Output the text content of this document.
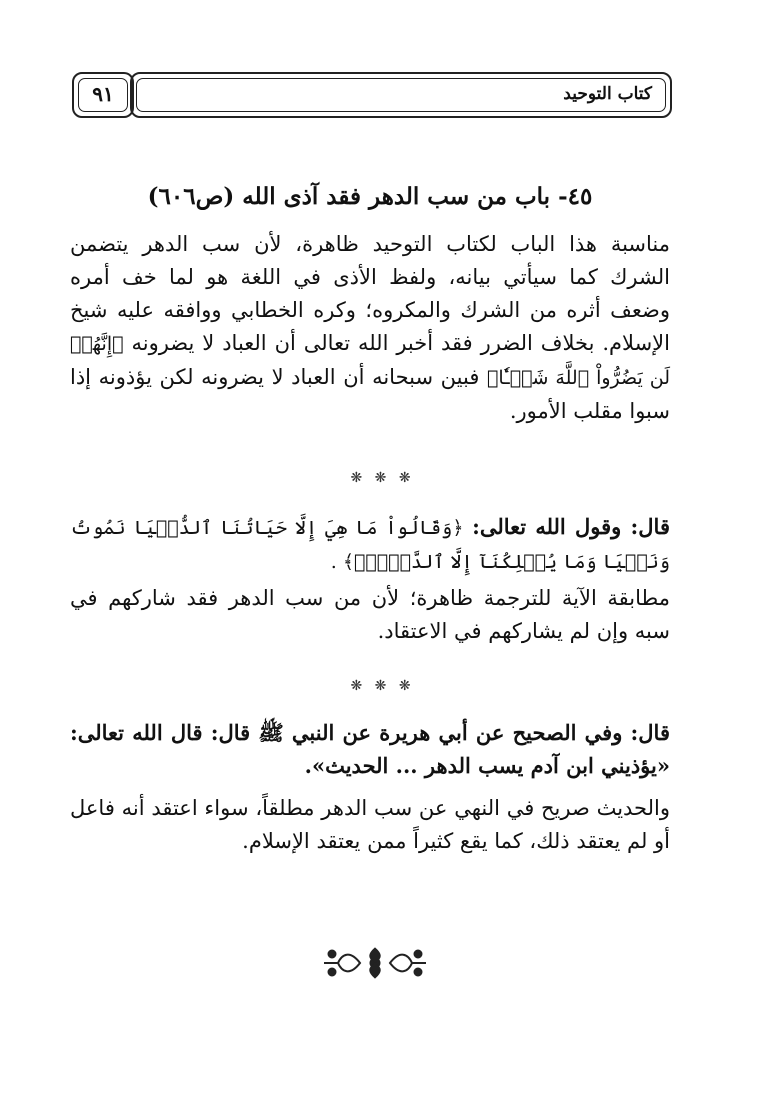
كتاب التوحيد
٩١
٤٥- باب من سب الدهر فقد آذى الله (ص٦٠٦)
مناسبة هذا الباب لكتاب التوحيد ظاهرة، لأن سب الدهر يتضمن الشرك كما سيأتي بيانه، ولفظ الأذى في اللغة هو لما خف أمره وضعف أثره من الشرك والمكروه؛ وكره الخطابي ووافقه عليه شيخ الإسلام. بخلاف الضرر فقد أخبر الله تعالى أن العباد لا يضرونه ﴿إِنَّهُمۡ لَن يَضُرُّواْ ٱللَّهَ شَيۡـٔٗا﴾ فبين سبحانه أن العباد لا يضرونه لكن يؤذونه إذا سبوا مقلب الأمور.
❋ ❋ ❋
قال: وقول الله تعالى: ﴿وَقَالُواْ مَا هِيَ إِلَّا حَيَاتُنَا ٱلدُّنۡيَا نَمُوتُ وَنَحۡيَا وَمَا يُهۡلِكُنَآ إِلَّا ٱلدَّهۡرُۚ﴾ .
مطابقة الآية للترجمة ظاهرة؛ لأن من سب الدهر فقد شاركهم في سبه وإن لم يشاركهم في الاعتقاد.
❋ ❋ ❋
قال: وفي الصحيح عن أبي هريرة عن النبي ﷺ قال: قال الله تعالى: «يؤذيني ابن آدم يسب الدهر ... الحديث».
والحديث صريح في النهي عن سب الدهر مطلقاً، سواء اعتقد أنه فاعل أو لم يعتقد ذلك، كما يقع كثيراً ممن يعتقد الإسلام.
